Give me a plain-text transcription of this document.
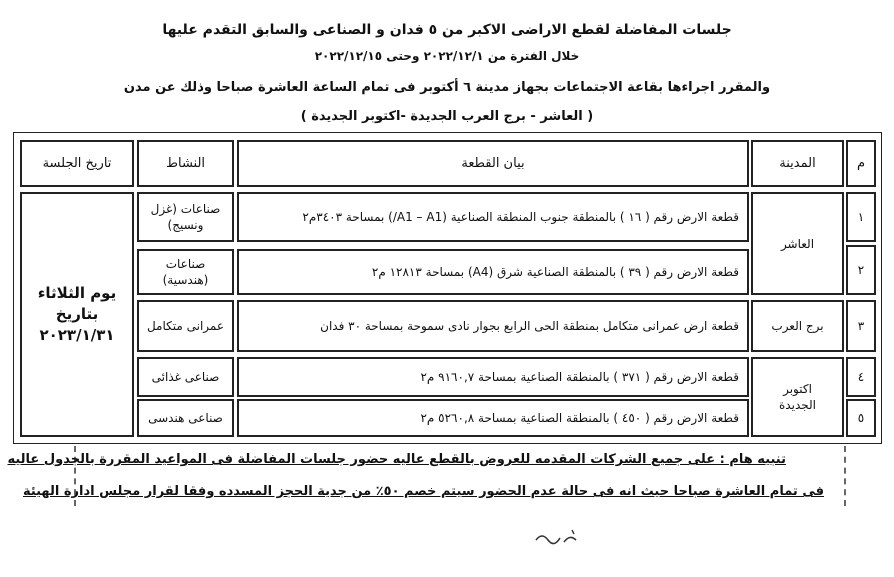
جلسات المفاضلة لقطع الاراضى الاكبر من ٥ فدان و الصناعى والسابق التقدم عليها
خلال الفترة من ٢٠٢٢/١٢/١ وحتى ٢٠٢٢/١٢/١٥
والمقرر اجراءها بقاعة الاجتماعات بجهاز مدينة ٦ أكتوبر فى تمام الساعة العاشرة صباحا وذلك عن مدن
( العاشر - برج العرب الجديدة -اكتوبر الجديدة )
م
المدينة
بيان القطعة
النشاط
تاريخ الجلسة
١
٢
٣
٤
٥
العاشر
برج العرب
اكتوبر الجديدة
قطعة الارض رقم ( ١٦ ) بالمنطقة جنوب المنطقة الصناعية (A1 – A1/) بمساحة ٣٤٠٣م٢
قطعة الارض رقم ( ٣٩ ) بالمنطقة الصناعية شرق (A4) بمساحة ١٢٨١٣ م٢
قطعة ارض عمرانى متكامل بمنطقة الحى الرابع بجوار نادى سموحة بمساحة ٣٠ فدان
قطعة الارض رقم ( ٣٧١ ) بالمنطقة الصناعية بمساحة ٩١٦٠,٧ م٢
قطعة الارض رقم ( ٤٥٠ ) بالمنطقة الصناعية بمساحة ٥٢٦٠,٨ م٢
صناعات (غزل ونسيج)
صناعات (هندسية)
عمرانى متكامل
صناعى غذائى
صناعى هندسى
يوم الثلاثاء بتاريخ ٢٠٢٣/١/٣١
تنبيه هام : على جميع الشركات المقدمه للعروض بالقطع عاليه حضور جلسات المفاضلة فى المواعيد المقررة بالجدول عاليه
فى تمام العاشرة صباحا حيث انه فى حالة عدم الحضور سيتم خصم ٥٠٪ من جدية الحجز المسدده وفقا لقرار مجلس ادارة الهيئة
